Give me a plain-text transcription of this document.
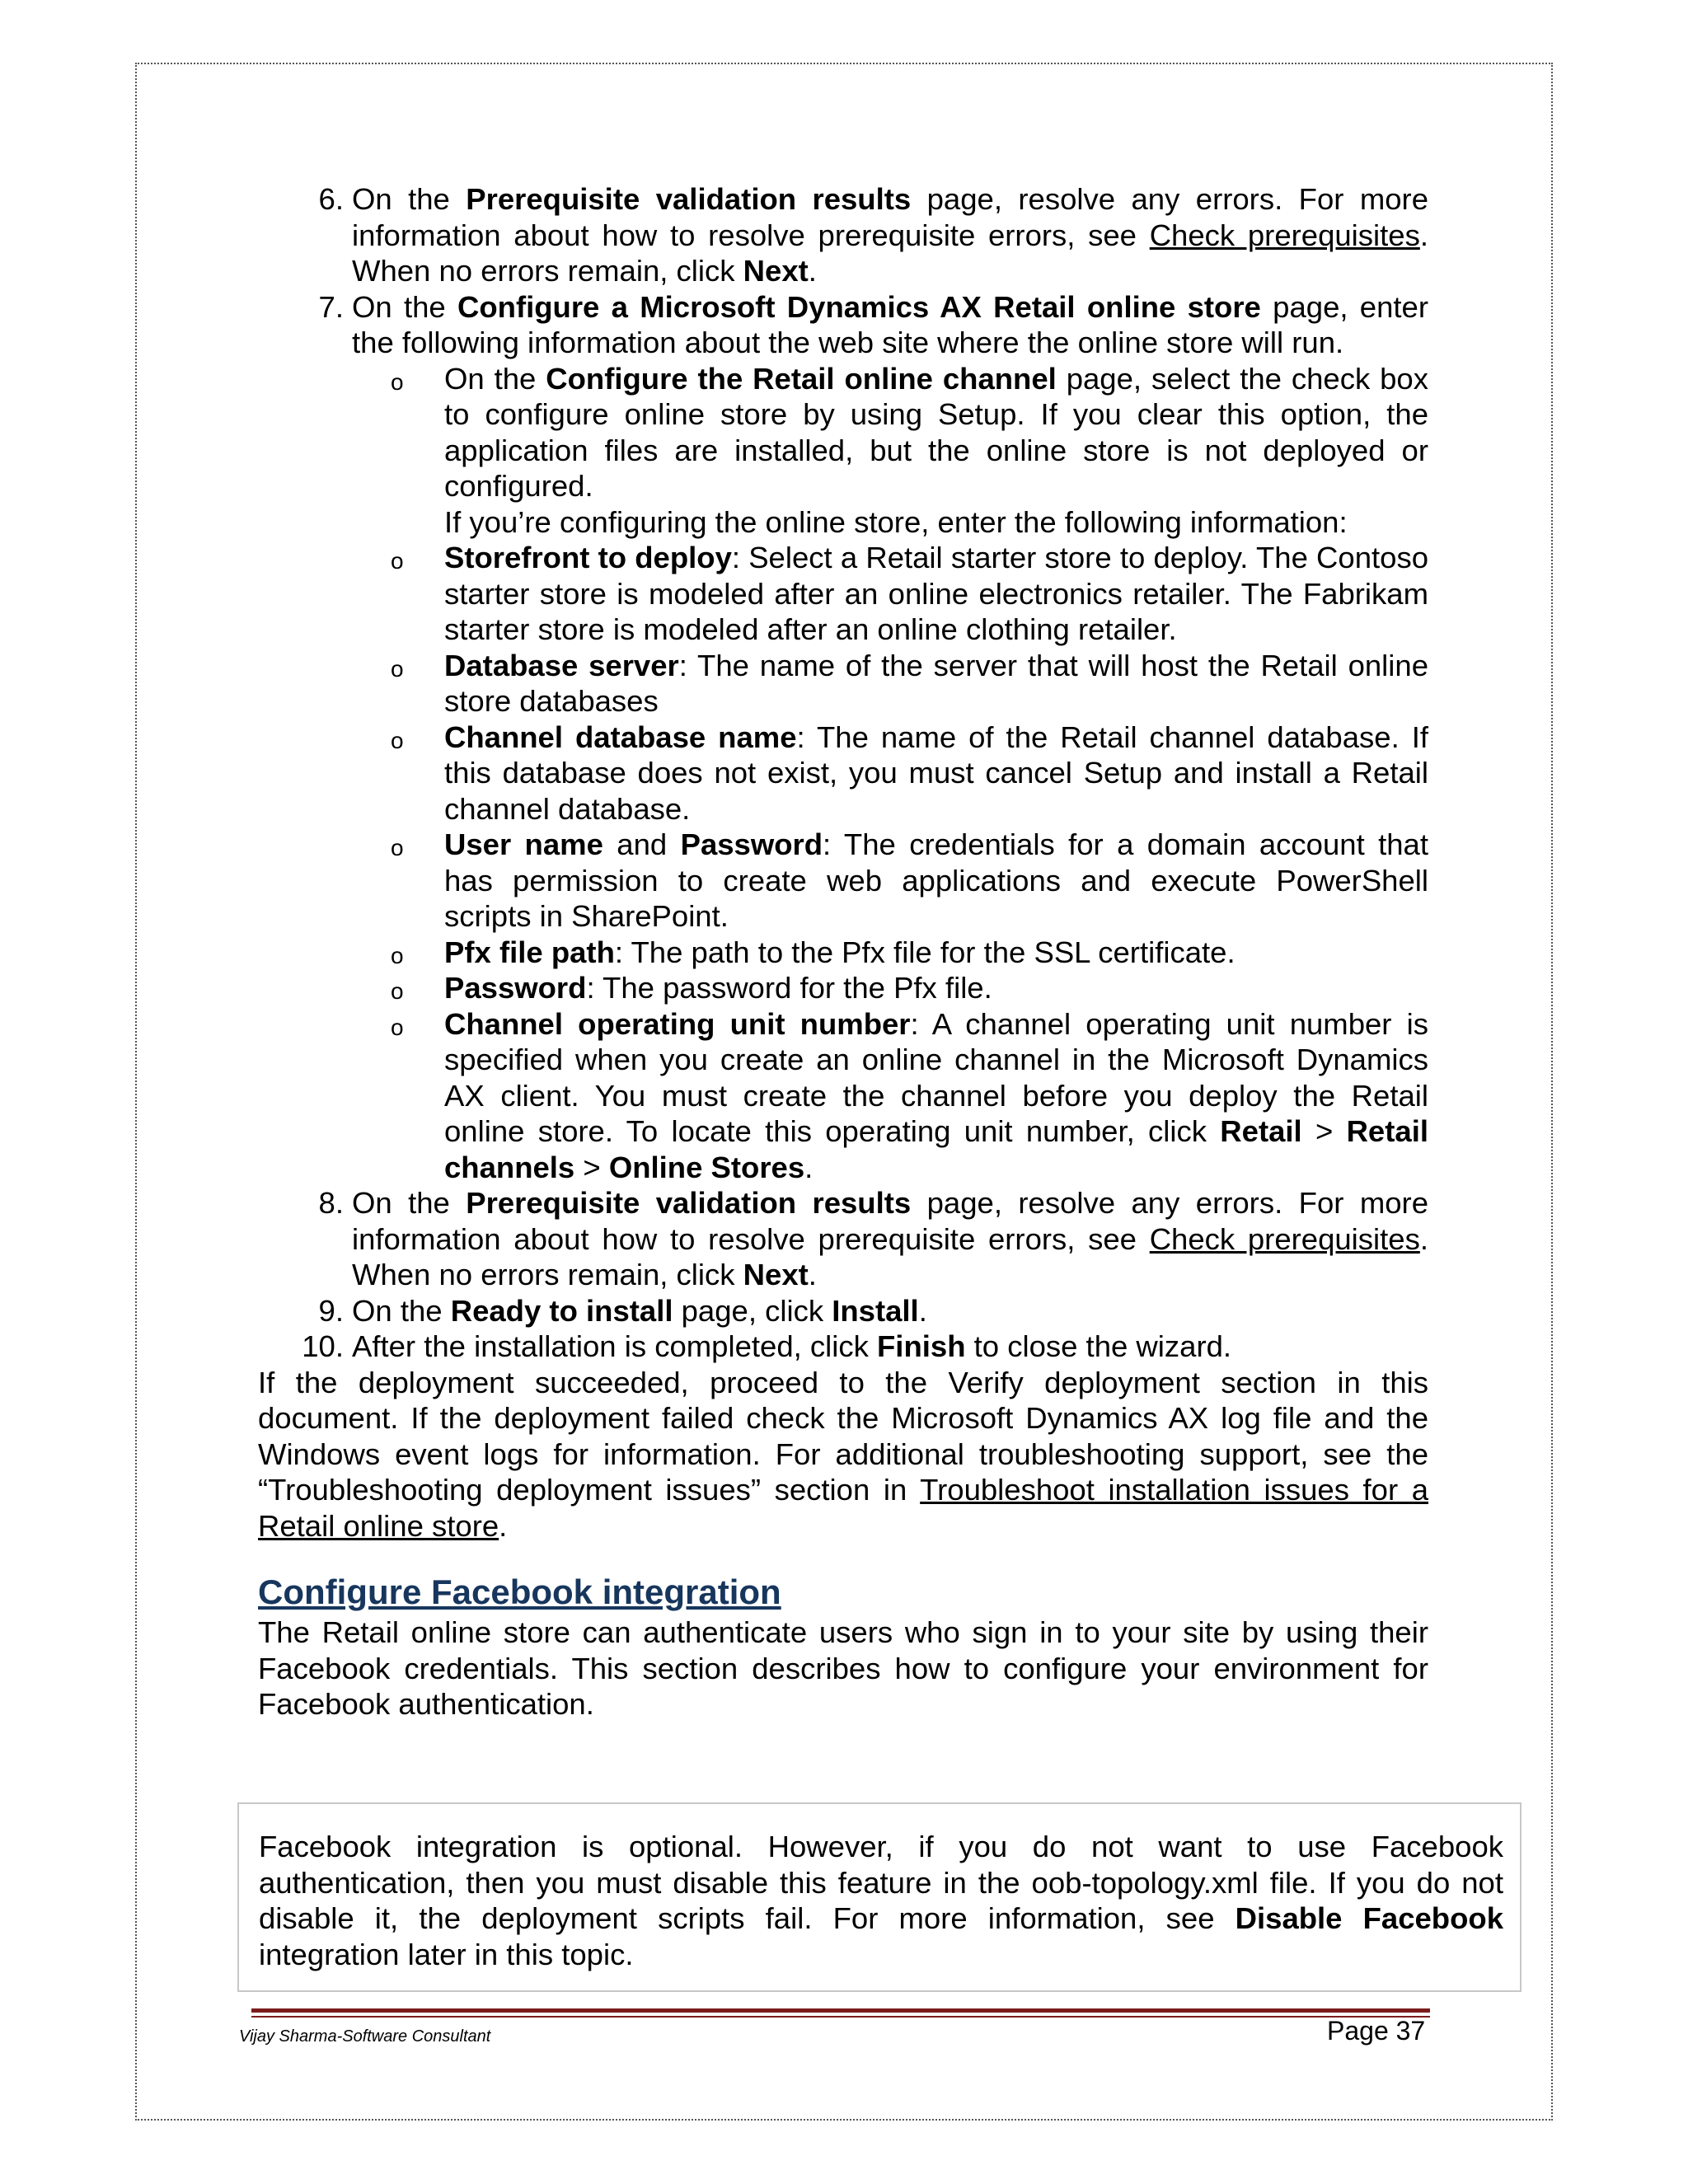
6. On the Prerequisite validation results page, resolve any errors. For more information about how to resolve prerequisite errors, see Check prerequisites. When no errors remain, click Next.
7. On the Configure a Microsoft Dynamics AX Retail online store page, enter the following information about the web site where the online store will run.
o On the Configure the Retail online channel page, select the check box to configure online store by using Setup. If you clear this option, the application files are installed, but the online store is not deployed or configured.
If you’re configuring the online store, enter the following information:
o Storefront to deploy: Select a Retail starter store to deploy. The Contoso starter store is modeled after an online electronics retailer. The Fabrikam starter store is modeled after an online clothing retailer.
o Database server: The name of the server that will host the Retail online store databases
o Channel database name: The name of the Retail channel database. If this database does not exist, you must cancel Setup and install a Retail channel database.
o User name and Password: The credentials for a domain account that has permission to create web applications and execute PowerShell scripts in SharePoint.
o Pfx file path: The path to the Pfx file for the SSL certificate.
o Password: The password for the Pfx file.
o Channel operating unit number: A channel operating unit number is specified when you create an online channel in the Microsoft Dynamics AX client. You must create the channel before you deploy the Retail online store. To locate this operating unit number, click Retail > Retail channels > Online Stores.
8. On the Prerequisite validation results page, resolve any errors. For more information about how to resolve prerequisite errors, see Check prerequisites. When no errors remain, click Next.
9. On the Ready to install page, click Install.
10. After the installation is completed, click Finish to close the wizard.
If the deployment succeeded, proceed to the Verify deployment section in this document. If the deployment failed check the Microsoft Dynamics AX log file and the Windows event logs for information. For additional troubleshooting support, see the “Troubleshooting deployment issues” section in Troubleshoot installation issues for a Retail online store.
Configure Facebook integration
The Retail online store can authenticate users who sign in to your site by using their Facebook credentials. This section describes how to configure your environment for Facebook authentication.
Facebook integration is optional. However, if you do not want to use Facebook authentication, then you must disable this feature in the oob-topology.xml file. If you do not disable it, the deployment scripts fail. For more information, see Disable Facebook integration later in this topic.
Vijay Sharma-Software Consultant	Page 37
